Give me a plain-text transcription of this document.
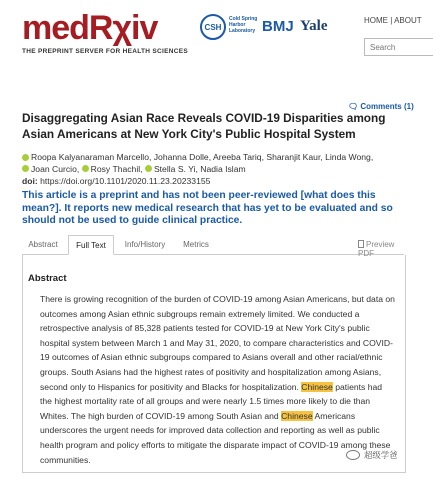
medRχiv
THE PREPRINT SERVER FOR HEALTH SCIENCES
CSH
Cold Spring Harbor Laboratory BMJ Yale	HOME | ABOUT
Search
🗨 Comments (1)
Disaggregating Asian Race Reveals COVID-19 Disparities among Asian Americans at New York City's Public Hospital System
Roopa Kalyanaraman Marcello, Johanna Dolle, Areeba Tariq, Sharanjit Kaur, Linda Wong,
Joan Curcio, Rosy Thachil, Stella S. Yi, Nadia Islam
doi: https://doi.org/10.1101/2020.11.23.20233155
This article is a preprint and has not been peer-reviewed [what does this mean?]. It reports new medical research that has yet to be evaluated and so should not be used to guide clinical practice.
Abstract	Full Text	Info/History	Metrics	Preview PDF
Abstract
There is growing recognition of the burden of COVID-19 among Asian Americans, but data on outcomes among Asian ethnic subgroups remain extremely limited. We conducted a retrospective analysis of 85,328 patients tested for COVID-19 at New York City's public hospital system between March 1 and May 31, 2020, to compare characteristics and COVID-19 outcomes of Asian ethnic subgroups compared to Asians overall and other racial/ethnic groups. South Asians had the highest rates of positivity and hospitalization among Asians, second only to Hispanics for positivity and Blacks for hospitalization. Chinese patients had the highest mortality rate of all groups and were nearly 1.5 times more likely to die than Whites. The high burden of COVID-19 among South Asian and Chinese Americans underscores the urgent needs for improved data collection and reporting as well as public health program and policy efforts to mitigate the disparate impact of COVID-19 among these communities.	超级学爸
